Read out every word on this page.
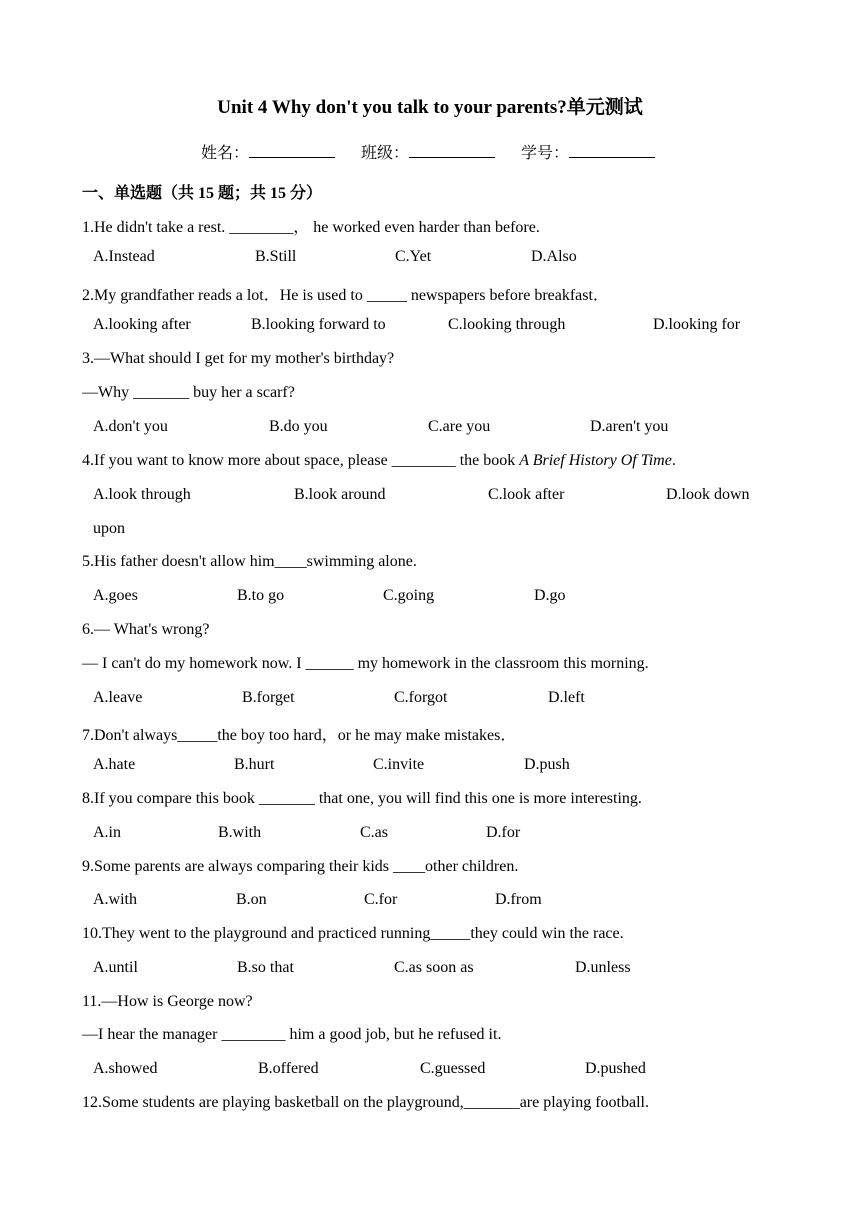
Unit 4 Why don't you talk to your parents?单元测试
姓名：	班级：	学号：
一、单选题（共 15 题；共 15 分）
1.He didn't take a rest. ________， he worked even harder than before.
A.Instead	B.Still	C.Yet	D.Also
2.My grandfather reads a lot．He is used to _____ newspapers before breakfast．
A.looking after	B.looking forward to	C.looking through	D.looking for
3.—What should I get for my mother's birthday?
—Why _______ buy her a scarf?
A.don't you	B.do you	C.are you	D.aren't you
4.If you want to know more about space, please ________ the book A Brief History Of Time.
A.look through	B.look around	C.look after	D.look down
upon
5.His father doesn't allow him____swimming alone.
A.goes	B.to go	C.going	D.go
6.— What's wrong?
— I can't do my homework now. I ______ my homework in the classroom this morning.
A.leave	B.forget	C.forgot	D.left
7.Don't always_____the boy too hard，or he may make mistakes．
A.hate	B.hurt	C.invite	D.push
8.If you compare this book _______ that one, you will find this one is more interesting.
A.in	B.with	C.as	D.for
9.Some parents are always comparing their kids ____other children.
A.with	B.on	C.for	D.from
10.They went to the playground and practiced running_____they could win the race.
A.until	B.so that	C.as soon as	D.unless
11.—How is George now?
—I hear the manager ________ him a good job, but he refused it.
A.showed	B.offered	C.guessed	D.pushed
12.Some students are playing basketball on the playground,_______are playing football.
